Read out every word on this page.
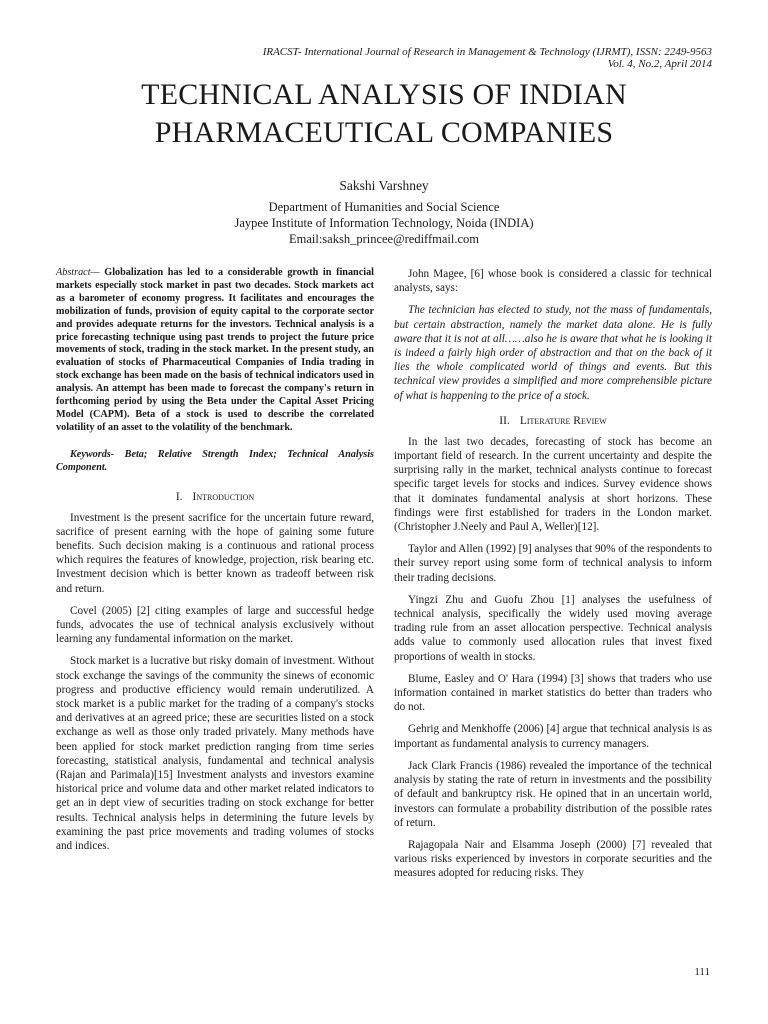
IRACST- International Journal of Research in Management & Technology (IJRMT), ISSN: 2249-9563
Vol. 4, No.2, April 2014
TECHNICAL ANALYSIS OF INDIAN
PHARMACEUTICAL COMPANIES
Sakshi Varshney
Department of Humanities and Social Science
Jaypee Institute of Information Technology, Noida (INDIA)
Email:saksh_princee@rediffmail.com

Abstract— Globalization has led to a considerable growth in financial markets especially stock market in past two decades. Stock markets act as a barometer of economy progress. It facilitates and encourages the mobilization of funds, provision of equity capital to the corporate sector and provides adequate returns for the investors. Technical analysis is a price forecasting technique using past trends to project the future price movements of stock, trading in the stock market. In the present study, an evaluation of stocks of Pharmaceutical Companies of India trading in stock exchange has been made on the basis of technical indicators used in analysis. An attempt has been made to forecast the company's return in forthcoming period by using the Beta under the Capital Asset Pricing Model (CAPM). Beta of a stock is used to describe the correlated volatility of an asset to the volatility of the benchmark.

Keywords- Beta; Relative Strength Index; Technical Analysis Component.

I. Introduction

Investment is the present sacrifice for the uncertain future reward, sacrifice of present earning with the hope of gaining some future benefits. Such decision making is a continuous and rational process which requires the features of knowledge, projection, risk bearing etc. Investment decision which is better known as tradeoff between risk and return.

Covel (2005) [2] citing examples of large and successful hedge funds, advocates the use of technical analysis exclusively without learning any fundamental information on the market.

Stock market is a lucrative but risky domain of investment. Without stock exchange the savings of the community the sinews of economic progress and productive efficiency would remain underutilized. A stock market is a public market for the trading of a company's stocks and derivatives at an agreed price; these are securities listed on a stock exchange as well as those only traded privately. Many methods have been applied for stock market prediction ranging from time series forecasting, statistical analysis, fundamental and technical analysis (Rajan and Parimala)[15] Investment analysts and investors examine historical price and volume data and other market related indicators to get an in dept view of securities trading on stock exchange for better results. Technical analysis helps in determining the future levels by examining the past price movements and trading volumes of stocks and indices.

John Magee, [6] whose book is considered a classic for technical analysts, says:

The technician has elected to study, not the mass of fundamentals, but certain abstraction, namely the market data alone. He is fully aware that it is not at all……also he is aware that what he is looking it is indeed a fairly high order of abstraction and that on the back of it lies the whole complicated world of things and events. But this technical view provides a simplified and more comprehensible picture of what is happening to the price of a stock.

II. Literature Review

In the last two decades, forecasting of stock has become an important field of research. In the current uncertainty and despite the surprising rally in the market, technical analysts continue to forecast specific target levels for stocks and indices. Survey evidence shows that it dominates fundamental analysis at short horizons. These findings were first established for traders in the London market. (Christopher J.Neely and Paul A, Weller)[12].

Taylor and Allen (1992) [9] analyses that 90% of the respondents to their survey report using some form of technical analysis to inform their trading decisions.

Yingzi Zhu and Guofu Zhou [1] analyses the usefulness of technical analysis, specifically the widely used moving average trading rule from an asset allocation perspective. Technical analysis adds value to commonly used allocation rules that invest fixed proportions of wealth in stocks.

Blume, Easley and O' Hara (1994) [3] shows that traders who use information contained in market statistics do better than traders who do not.

Gehrig and Menkhoffe (2006) [4] argue that technical analysis is as important as fundamental analysis to currency managers.

Jack Clark Francis (1986) revealed the importance of the technical analysis by stating the rate of return in investments and the possibility of default and bankruptcy risk. He opined that in an uncertain world, investors can formulate a probability distribution of the possible rates of return.

Rajagopala Nair and Elsamma Joseph (2000) [7] revealed that various risks experienced by investors in corporate securities and the measures adopted for reducing risks. They

111
